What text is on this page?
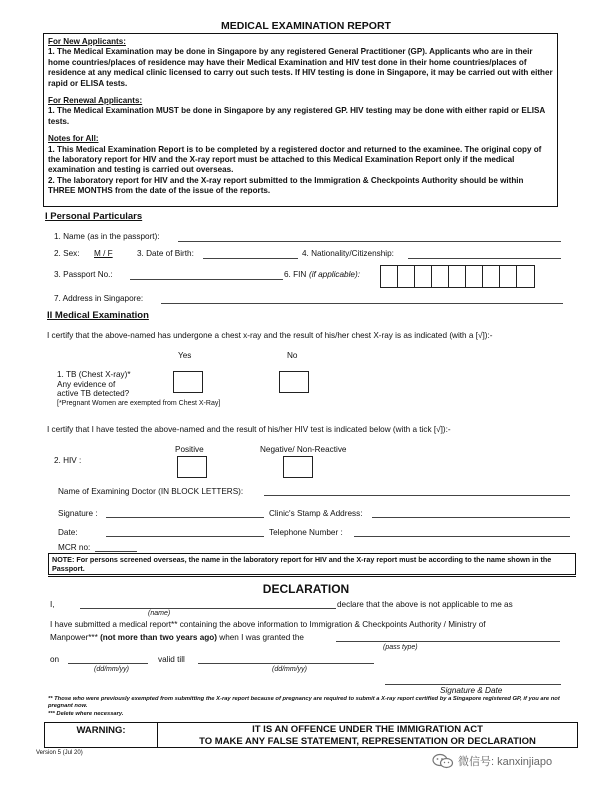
MEDICAL EXAMINATION REPORT

For New Applicants:

1. The Medical Examination may be done in Singapore by any registered General Practitioner (GP). Applicants who are in their home countries/places of residence may have their Medical Examination and HIV test done in their home countries/places of residence at any medical clinic licensed to carry out such tests. If HIV testing is done in Singapore, it may be carried out with either rapid or ELISA tests.

For Renewal Applicants:

1. The Medical Examination MUST be done in Singapore by any registered GP. HIV testing may be done with either rapid or ELISA tests.

Notes for All:

1. This Medical Examination Report is to be completed by a registered doctor and returned to the examinee. The original copy of the laboratory report for HIV and the X-ray report must be attached to this Medical Examination Report only if the medical examination and testing is carried out overseas.

2. The laboratory report for HIV and the X-ray report submitted to the Immigration & Checkpoints Authority should be within THREE MONTHS from the date of the issue of the reports.

I Personal Particulars
1. Name (as in the passport):
2. Sex: M / F	3. Date of Birth:	4. Nationality/Citizenship:
3. Passport No.:	6. FIN (if applicable):
7. Address in Singapore:
II Medical Examination
I certify that the above-named has undergone a chest x-ray and the result of his/her chest X-ray is as indicated (with a [√]):-
Yes	No
1. TB (Chest X-ray)*
Any evidence of
active TB detected?
[*Pregnant Women are exempted from Chest X-Ray]
I certify that I have tested the above-named and the result of his/her HIV test is indicated below (with a tick [√]):-
Positive	Negative/ Non-Reactive
2. HIV :
Name of Examining Doctor (IN BLOCK LETTERS):
Signature :	Clinic's Stamp & Address:
Date:	Telephone Number :
MCR no:
NOTE: For persons screened overseas, the name in the laboratory report for HIV and the X-ray report must be according to the name shown in the Passport.
DECLARATION
I,
(name)
declare that the above is not applicable to me as
I have submitted a medical report** containing the above information to Immigration & Checkpoints Authority / Ministry of
Manpower*** (not more than two years ago) when I was granted the
(pass type)
on
(dd/mm/yy)
valid till
(dd/mm/yy)
Signature & Date
** Those who were previously exempted from submitting the X-ray report because of pregnancy are required to submit a X-ray report certified by a Singapore registered GP, if you are not pregnant now.
*** Delete where necessary.
WARNING:	IT IS AN OFFENCE UNDER THE IMMIGRATION ACT
TO MAKE ANY FALSE STATEMENT, REPRESENTATION OR DECLARATION
Version 5 (Jul 20)
微信号: kanxinjiapo
